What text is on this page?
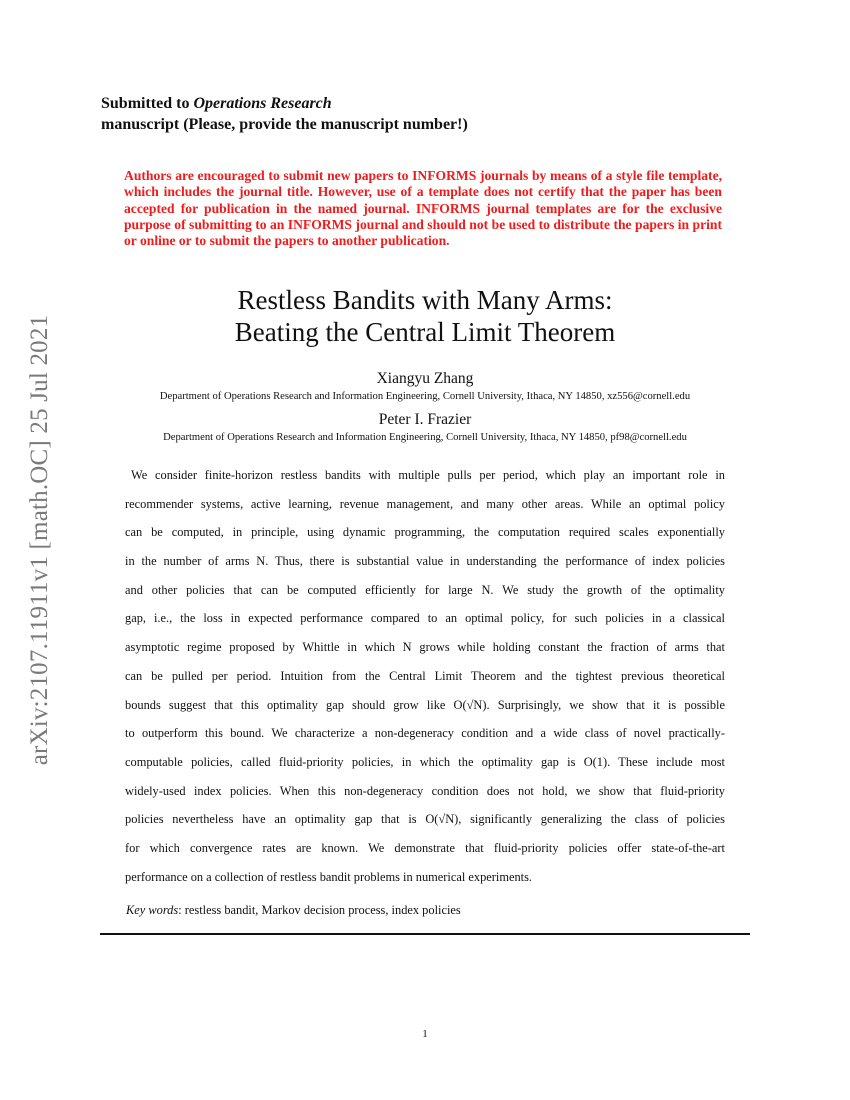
arXiv:2107.11911v1 [math.OC] 25 Jul 2021
Submitted to Operations Research
manuscript (Please, provide the manuscript number!)
Authors are encouraged to submit new papers to INFORMS journals by means of a style file template, which includes the journal title. However, use of a template does not certify that the paper has been accepted for publication in the named journal. INFORMS journal templates are for the exclusive purpose of submitting to an INFORMS journal and should not be used to distribute the papers in print or online or to submit the papers to another publication.
Restless Bandits with Many Arms:
Beating the Central Limit Theorem
Xiangyu Zhang
Department of Operations Research and Information Engineering, Cornell University, Ithaca, NY 14850, xz556@cornell.edu
Peter I. Frazier
Department of Operations Research and Information Engineering, Cornell University, Ithaca, NY 14850, pf98@cornell.edu
We consider finite-horizon restless bandits with multiple pulls per period, which play an important role in
recommender systems, active learning, revenue management, and many other areas. While an optimal policy
can be computed, in principle, using dynamic programming, the computation required scales exponentially
in the number of arms N. Thus, there is substantial value in understanding the performance of index policies
and other policies that can be computed efficiently for large N. We study the growth of the optimality
gap, i.e., the loss in expected performance compared to an optimal policy, for such policies in a classical
asymptotic regime proposed by Whittle in which N grows while holding constant the fraction of arms that
can be pulled per period. Intuition from the Central Limit Theorem and the tightest previous theoretical
bounds suggest that this optimality gap should grow like O(√N). Surprisingly, we show that it is possible
to outperform this bound. We characterize a non-degeneracy condition and a wide class of novel practically-
computable policies, called fluid-priority policies, in which the optimality gap is O(1). These include most
widely-used index policies. When this non-degeneracy condition does not hold, we show that fluid-priority
policies nevertheless have an optimality gap that is O(√N), significantly generalizing the class of policies
for which convergence rates are known. We demonstrate that fluid-priority policies offer state-of-the-art
performance on a collection of restless bandit problems in numerical experiments.
Key words: restless bandit, Markov decision process, index policies
1
